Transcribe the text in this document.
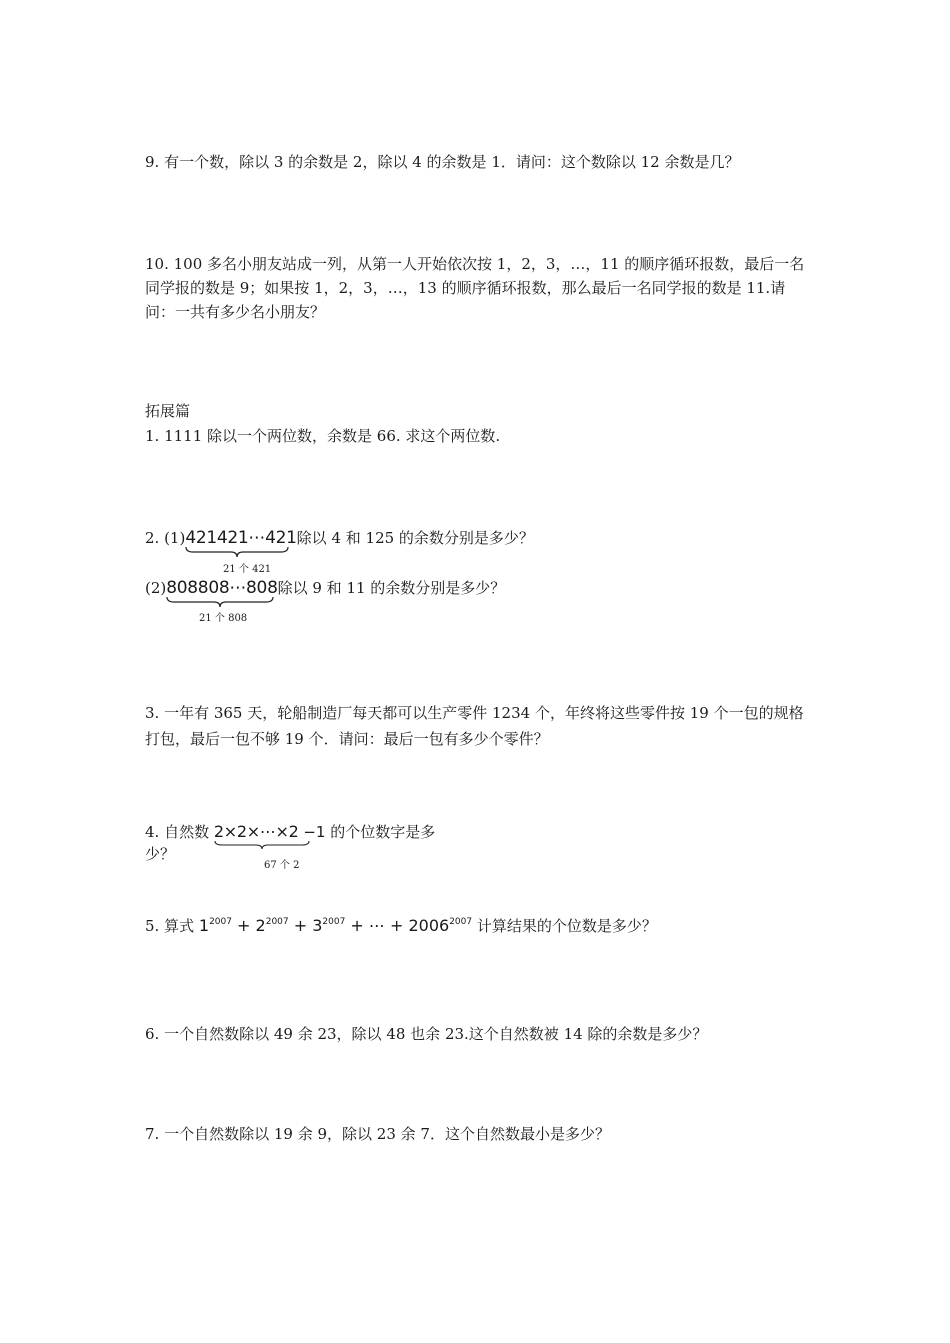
9. 有一个数，除以 3 的余数是 2，除以 4 的余数是 1．请问：这个数除以 12 余数是几？
10. 100 多名小朋友站成一列，从第一人开始依次按 1，2，3，…，11 的顺序循环报数，最后一名同学报的数是 9；如果按 1，2，3，…，13 的顺序循环报数，那么最后一名同学报的数是 11.请问：一共有多少名小朋友？
拓展篇
1. 1111 除以一个两位数，余数是 66. 求这个两位数.
2. (1)421421⋯421
除以 4 和 125 的余数分别是多少？
21 个 421
(2)808808⋯808
除以 9 和 11 的余数分别是多少？
21 个 808
3. 一年有 365 天，轮船制造厂每天都可以生产零件 1234 个，年终将这些零件按 19 个一包的规格打包，最后一包不够 19 个．请问：最后一包有多少个零件？
4. 自然数 2×2×⋯×2 −1 的个位数字是多
少？
67 个 2
5. 算式 $1^{2007} + 2^{2007} + 3^{2007}$ + ⋯ + $2006^{2007}$ 计算结果的个位数是多少？
6. 一个自然数除以 49 余 23，除以 48 也余 23.这个自然数被 14 除的余数是多少？
7. 一个自然数除以 19 余 9，除以 23 余 7．这个自然数最小是多少？
